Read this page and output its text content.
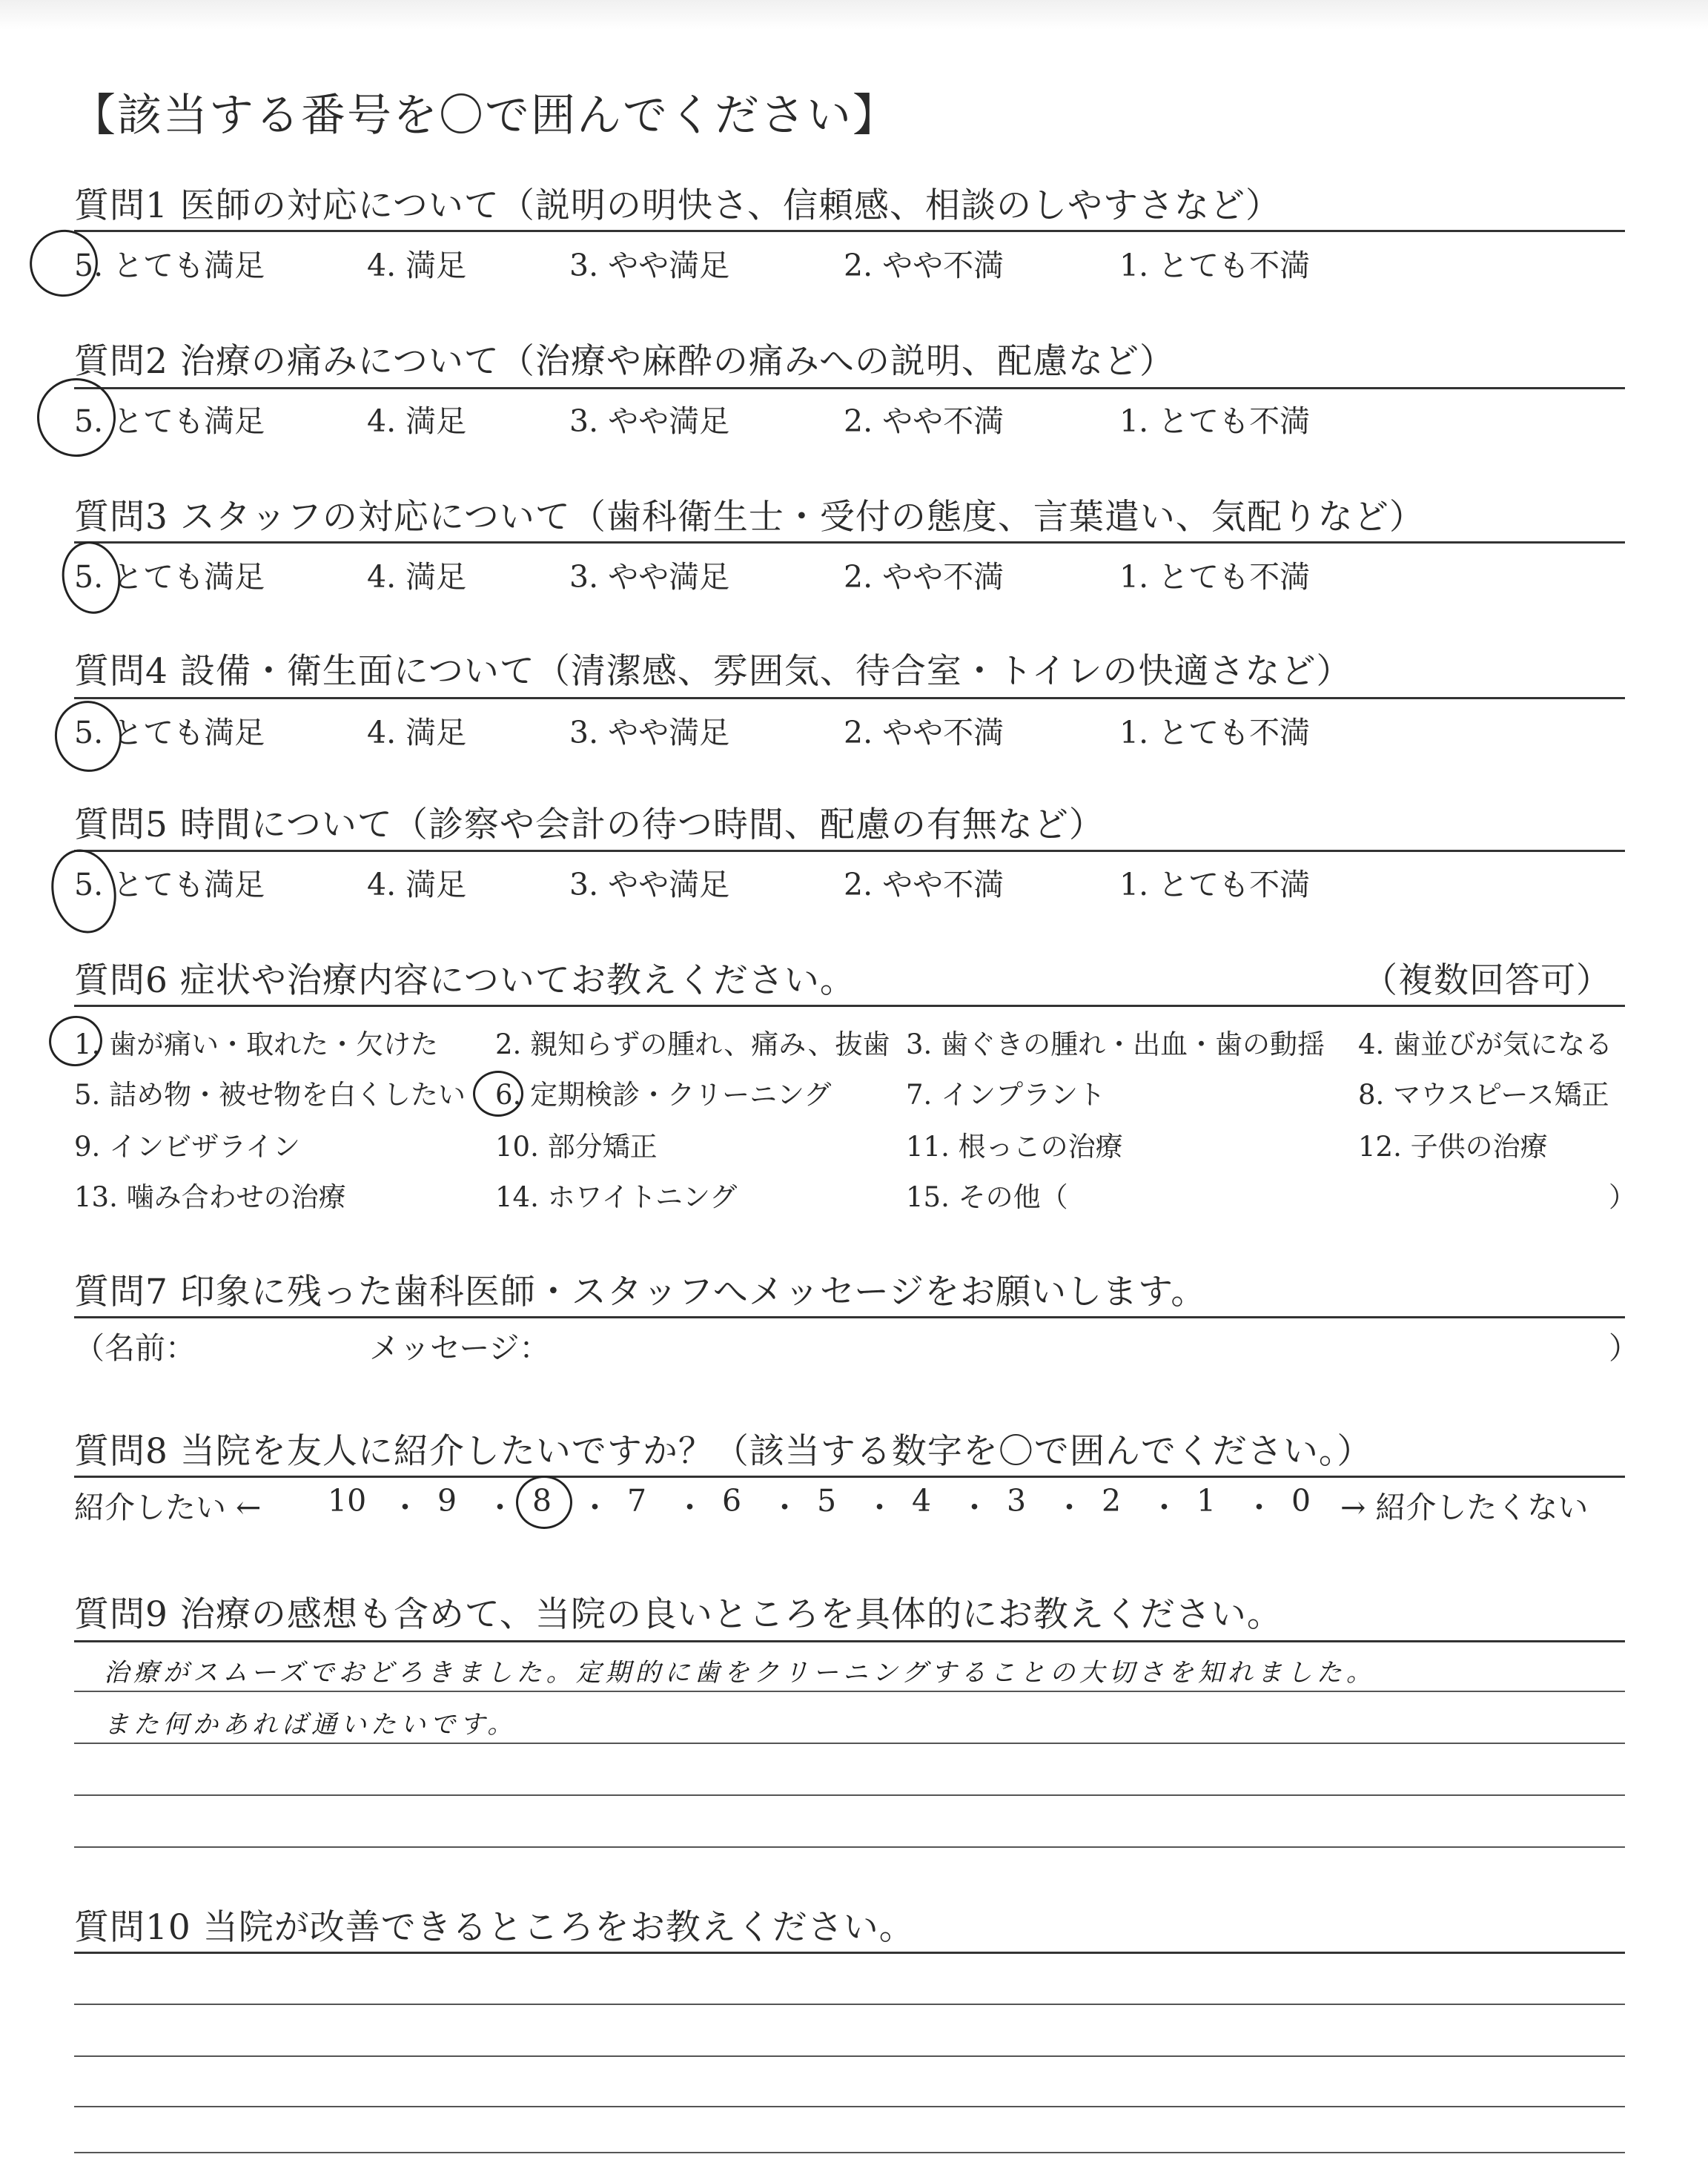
【該当する番号を〇で囲んでください】
質問1 医師の対応について（説明の明快さ、信頼感、相談のしやすさなど）
5. とても満足	4. 満足	3. やや満足	2. やや不満	1. とても不満
質問2 治療の痛みについて（治療や麻酔の痛みへの説明、配慮など）
5. とても満足	4. 満足	3. やや満足	2. やや不満	1. とても不満
質問3 スタッフの対応について（歯科衛生士・受付の態度、言葉遣い、気配りなど）
5. とても満足	4. 満足	3. やや満足	2. やや不満	1. とても不満
質問4 設備・衛生面について（清潔感、雰囲気、待合室・トイレの快適さなど）
5. とても満足	4. 満足	3. やや満足	2. やや不満	1. とても不満
質問5 時間について（診察や会計の待つ時間、配慮の有無など）
5. とても満足	4. 満足	3. やや満足	2. やや不満	1. とても不満
質問6 症状や治療内容についてお教えください。	（複数回答可）
1. 歯が痛い・取れた・欠けた 2. 親知らずの腫れ、痛み、抜歯 3. 歯ぐきの腫れ・出血・歯の動揺 4. 歯並びが気になる
5. 詰め物・被せ物を白くしたい 6. 定期検診・クリーニング	7. インプラント	8. マウスピース矯正
9. インビザライン	10. 部分矯正	11. 根っこの治療	12. 子供の治療
13. 噛み合わせの治療	14. ホワイトニング	15. その他（	）
質問7 印象に残った歯科医師・スタッフへメッセージをお願いします。
（名前：	メッセージ：	）
質問8 当院を友人に紹介したいですか？（該当する数字を〇で囲んでください。）
紹介したい ←	→ 紹介したくない
10 ・ 9 ・ 8 ・ 7 ・ 6 ・ 5 ・ 4 ・ 3 ・ 2 ・ 1 ・ 0
質問9 治療の感想も含めて、当院の良いところを具体的にお教えください。
治療がスムーズでおどろきました。定期的に歯をクリーニングすることの大切さを知れました。
また何かあれば通いたいです。
質問10 当院が改善できるところをお教えください。
